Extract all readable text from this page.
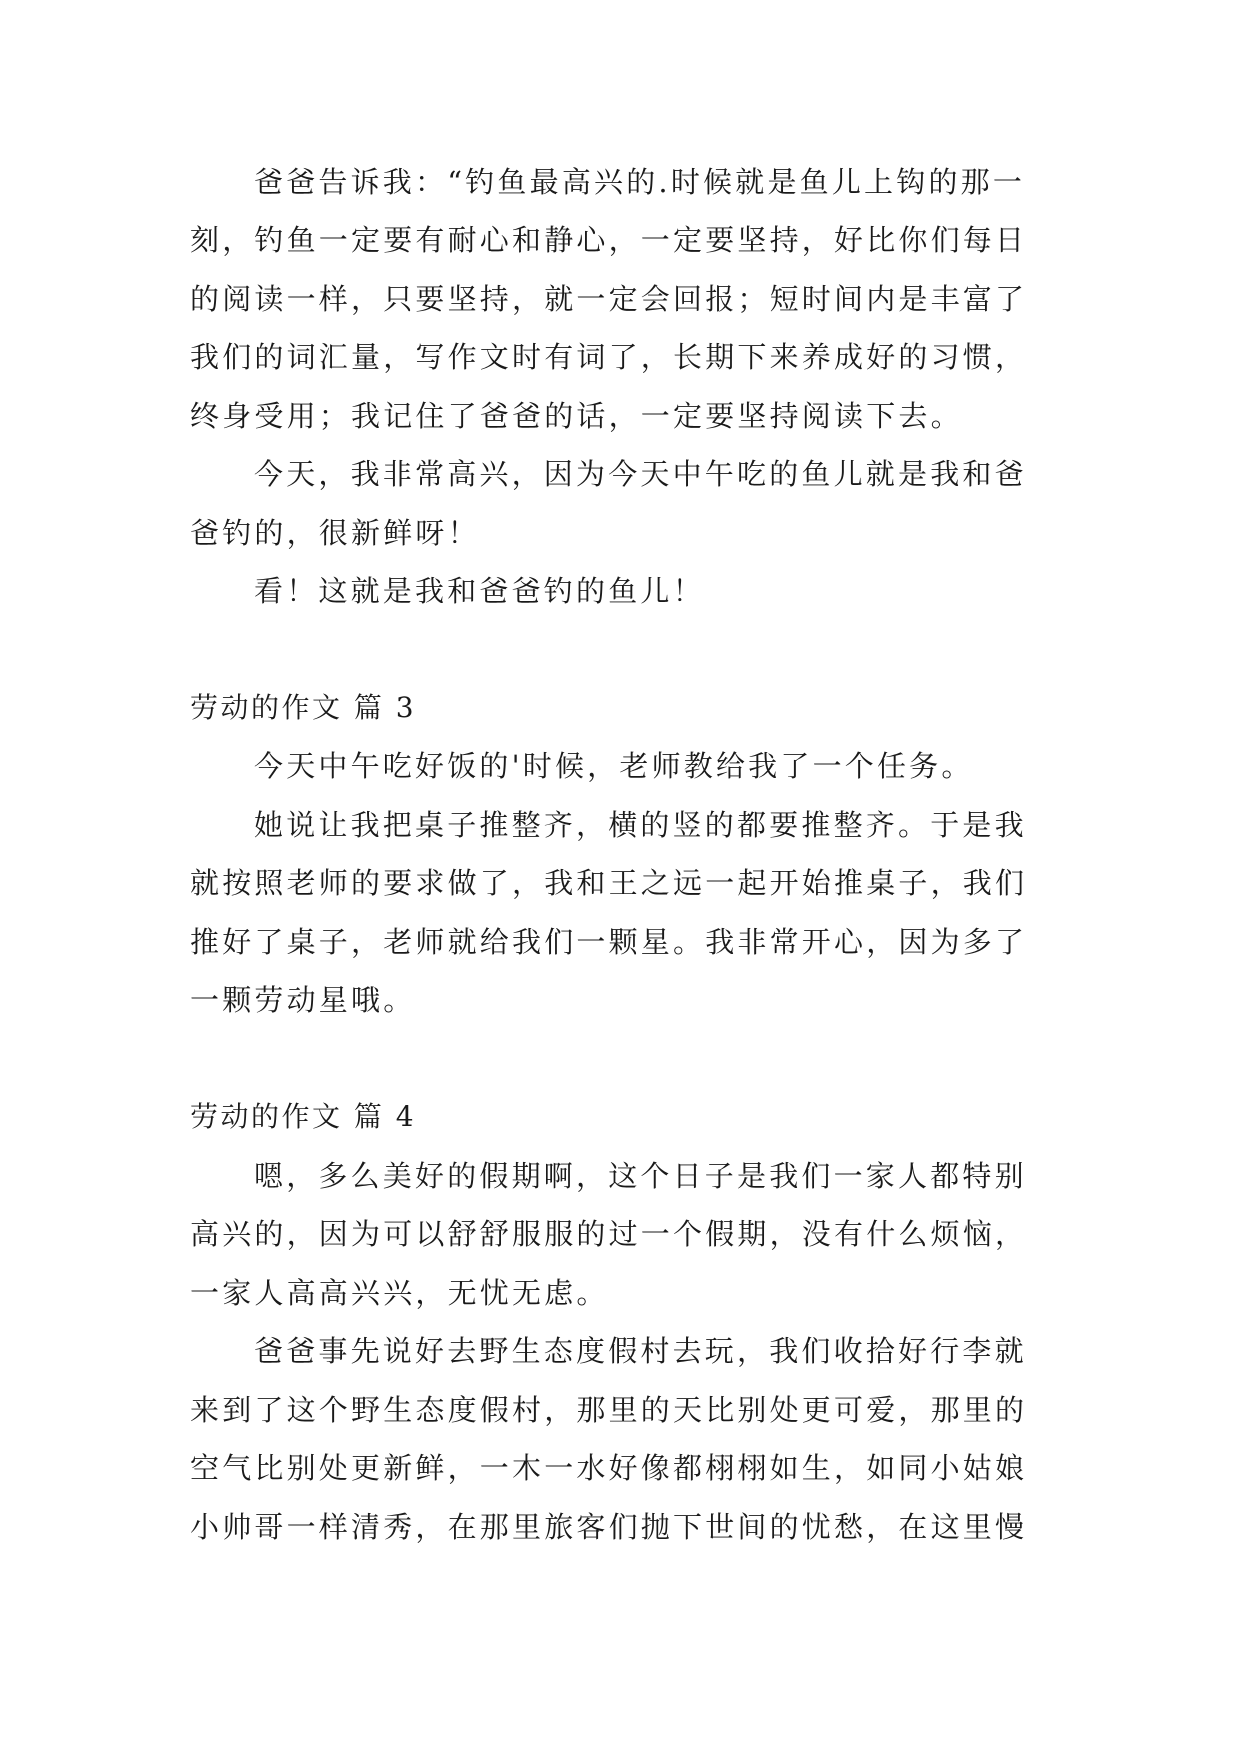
爸爸告诉我：“钓鱼最高兴的.时候就是鱼儿上钩的那一
刻，钓鱼一定要有耐心和静心，一定要坚持，好比你们每日
的阅读一样，只要坚持，就一定会回报；短时间内是丰富了
我们的词汇量，写作文时有词了，长期下来养成好的习惯，
终身受用；我记住了爸爸的话，一定要坚持阅读下去。
今天，我非常高兴，因为今天中午吃的鱼儿就是我和爸
爸钓的，很新鲜呀！
看！这就是我和爸爸钓的鱼儿！
劳动的作文 篇 3
今天中午吃好饭的'时候，老师教给我了一个任务。
她说让我把桌子推整齐，横的竖的都要推整齐。于是我
就按照老师的要求做了，我和王之远一起开始推桌子，我们
推好了桌子，老师就给我们一颗星。我非常开心，因为多了
一颗劳动星哦。
劳动的作文 篇 4
嗯，多么美好的假期啊，这个日子是我们一家人都特别
高兴的，因为可以舒舒服服的过一个假期，没有什么烦恼，
一家人高高兴兴，无忧无虑。
爸爸事先说好去野生态度假村去玩，我们收拾好行李就
来到了这个野生态度假村，那里的天比别处更可爱，那里的
空气比别处更新鲜，一木一水好像都栩栩如生，如同小姑娘
小帅哥一样清秀，在那里旅客们抛下世间的忧愁，在这里慢
